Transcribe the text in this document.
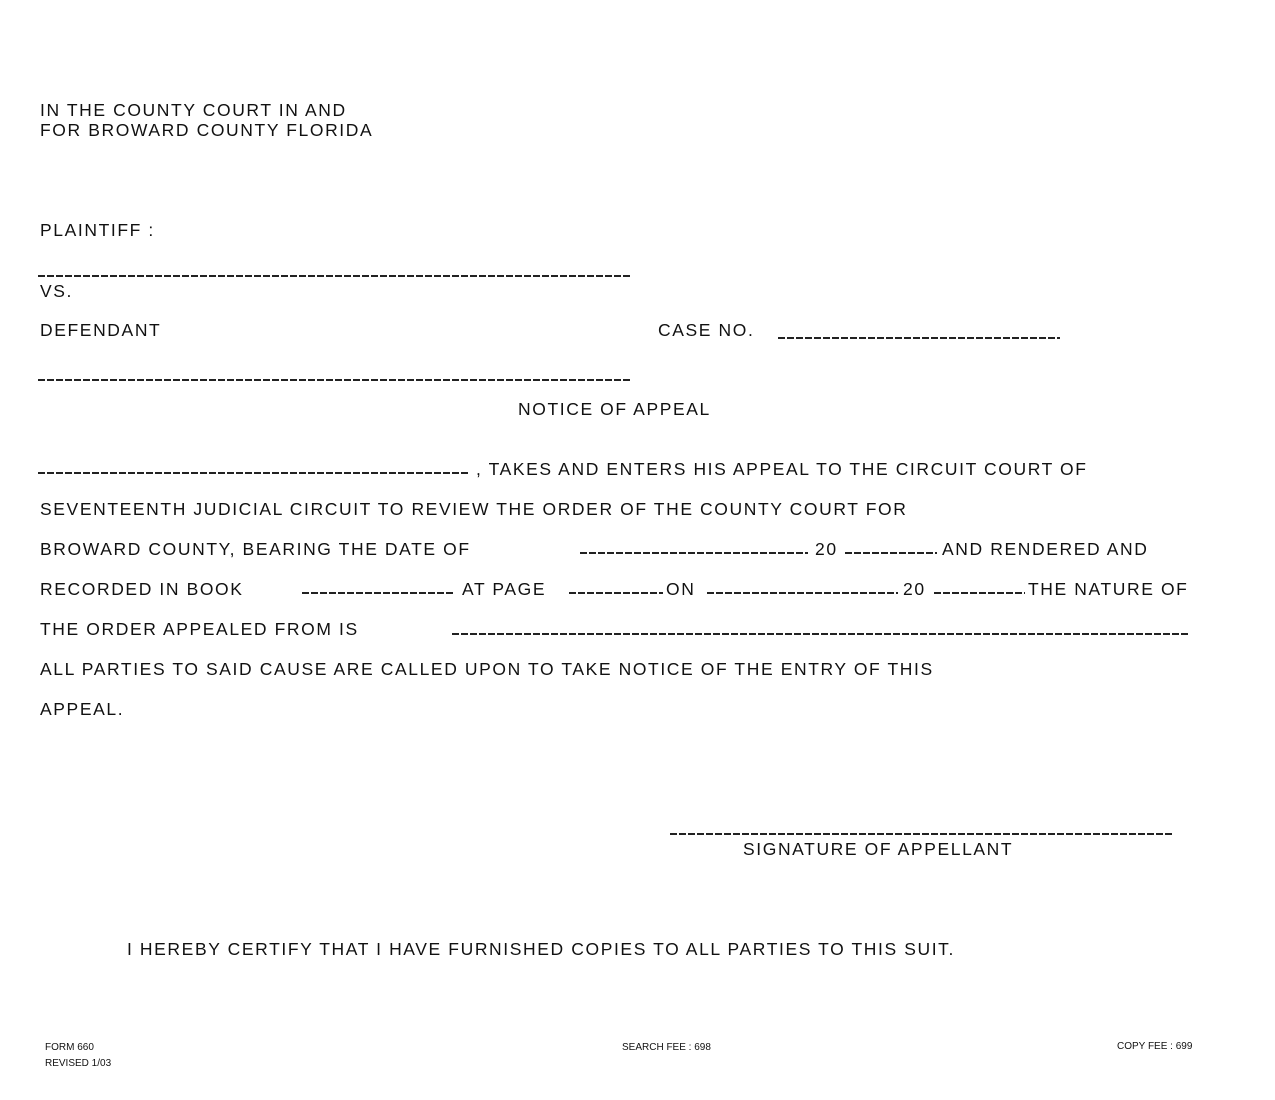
IN THE COUNTY COURT IN AND
FOR BROWARD COUNTY FLORIDA
PLAINTIFF :
VS.
DEFENDANT	CASE NO.
NOTICE OF APPEAL
, TAKES AND ENTERS HIS APPEAL TO THE CIRCUIT COURT OF
SEVENTEENTH JUDICIAL CIRCUIT TO REVIEW THE ORDER OF THE COUNTY COURT FOR
BROWARD COUNTY, BEARING THE DATE OF	20	AND RENDERED AND
RECORDED IN BOOK	AT PAGE	ON	20	THE NATURE OF
THE ORDER APPEALED FROM IS
ALL PARTIES TO SAID CAUSE ARE CALLED UPON TO TAKE NOTICE OF THE ENTRY OF THIS
APPEAL.
SIGNATURE OF APPELLANT
I HEREBY CERTIFY THAT I HAVE FURNISHED COPIES TO ALL PARTIES TO THIS SUIT.
FORM 660
REVISED 1/03
SEARCH FEE : 698	COPY FEE : 699
